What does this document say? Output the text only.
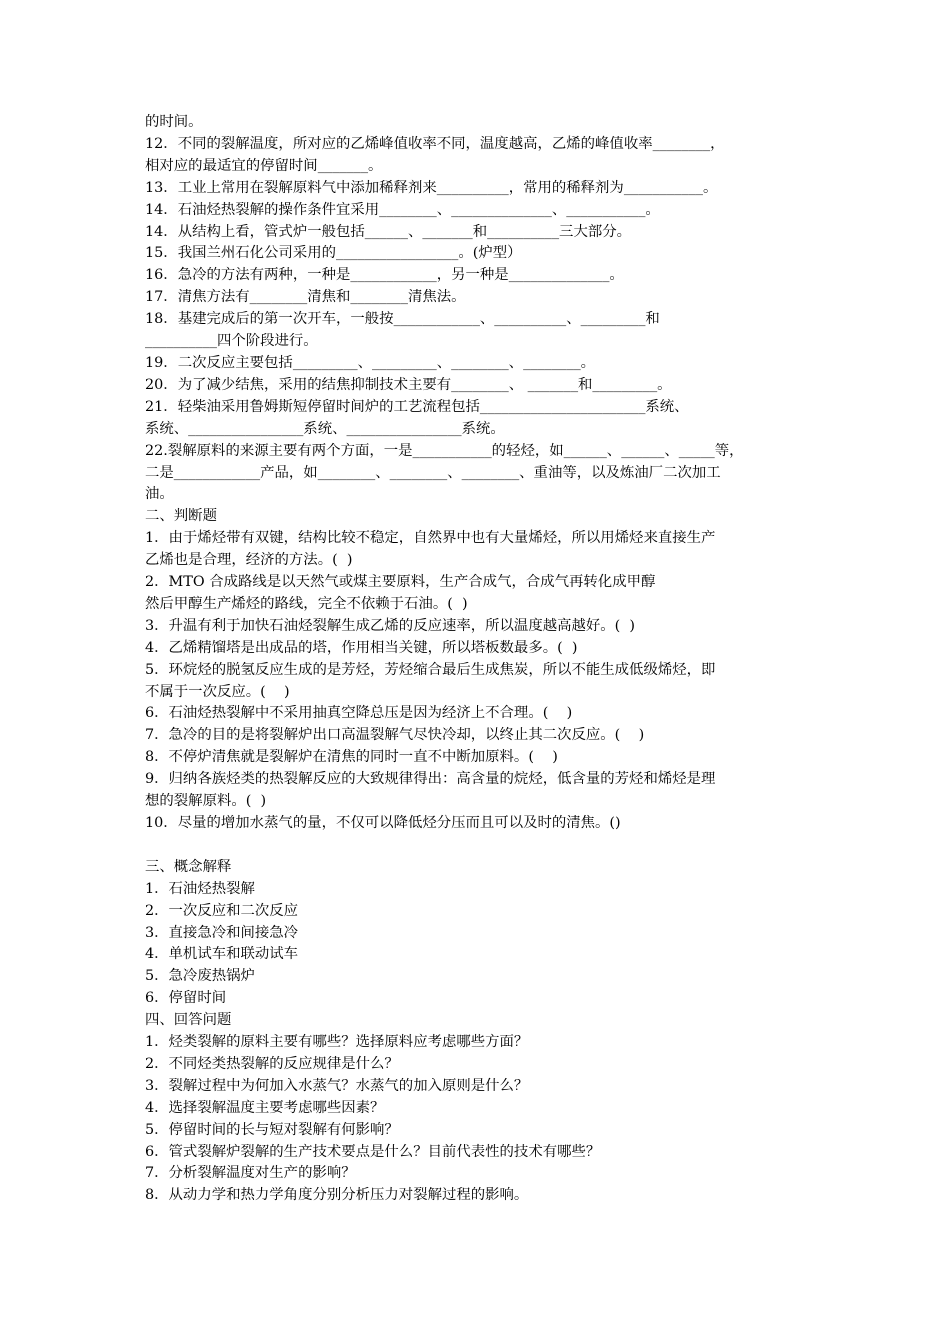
的时间。

12．不同的裂解温度，所对应的乙烯峰值收率不同，温度越高，乙烯的峰值收率________，

相对应的最适宜的停留时间_______。

13．工业上常用在裂解原料气中添加稀释剂来__________，常用的稀释剂为___________。

14．石油烃热裂解的操作条件宜采用________、______________、___________。

14．从结构上看，管式炉一般包括______、_______和__________三大部分。

15．我国兰州石化公司采用的_________________。(炉型）

16．急冷的方法有两种，一种是____________，另一种是______________。

17．清焦方法有________清焦和________清焦法。

18．基建完成后的第一次开车，一般按____________、__________、_________和

__________四个阶段进行。

19．二次反应主要包括_________、_________、________、________。

20．为了减少结焦，采用的结焦抑制技术主要有________、 _______和_________。

21．轻柴油采用鲁姆斯短停留时间炉的工艺流程包括_______________________系统、

系统、________________系统、________________系统。

22.裂解原料的来源主要有两个方面，一是___________的轻烃，如______、______、_____等，

二是____________产品，如________、________、________、重油等，以及炼油厂二次加工

油。

二、判断题

1．由于烯烃带有双键，结构比较不稳定，自然界中也有大量烯烃，所以用烯烃来直接生产

乙烯也是合理，经济的方法。(  )

2．MTO 合成路线是以天然气或煤主要原料，生产合成气，合成气再转化成甲醇

然后甲醇生产烯烃的路线，完全不依赖于石油。(  )

3．升温有利于加快石油烃裂解生成乙烯的反应速率，所以温度越高越好。(  )

4．乙烯精馏塔是出成品的塔，作用相当关键，所以塔板数最多。(  )

5．环烷烃的脱氢反应生成的是芳烃，芳烃缩合最后生成焦炭，所以不能生成低级烯烃，即

不属于一次反应。(    )

6．石油烃热裂解中不采用抽真空降总压是因为经济上不合理。(    )

7．急冷的目的是将裂解炉出口高温裂解气尽快冷却，以终止其二次反应。(    )

8．不停炉清焦就是裂解炉在清焦的同时一直不中断加原料。(    )

9．归纳各族烃类的热裂解反应的大致规律得出：高含量的烷烃，低含量的芳烃和烯烃是理

想的裂解原料。(  )

10．尽量的增加水蒸气的量，不仅可以降低烃分压而且可以及时的清焦。()

三、概念解释

1．石油烃热裂解

2．一次反应和二次反应

3．直接急冷和间接急冷

4．单机试车和联动试车

5．急冷废热锅炉

6．停留时间

四、回答问题

1．烃类裂解的原料主要有哪些？选择原料应考虑哪些方面？

2．不同烃类热裂解的反应规律是什么？

3．裂解过程中为何加入水蒸气？水蒸气的加入原则是什么？

4．选择裂解温度主要考虑哪些因素？

5．停留时间的长与短对裂解有何影响？

6．管式裂解炉裂解的生产技术要点是什么？目前代表性的技术有哪些？

7．分析裂解温度对生产的影响？

8．从动力学和热力学角度分别分析压力对裂解过程的影响。
